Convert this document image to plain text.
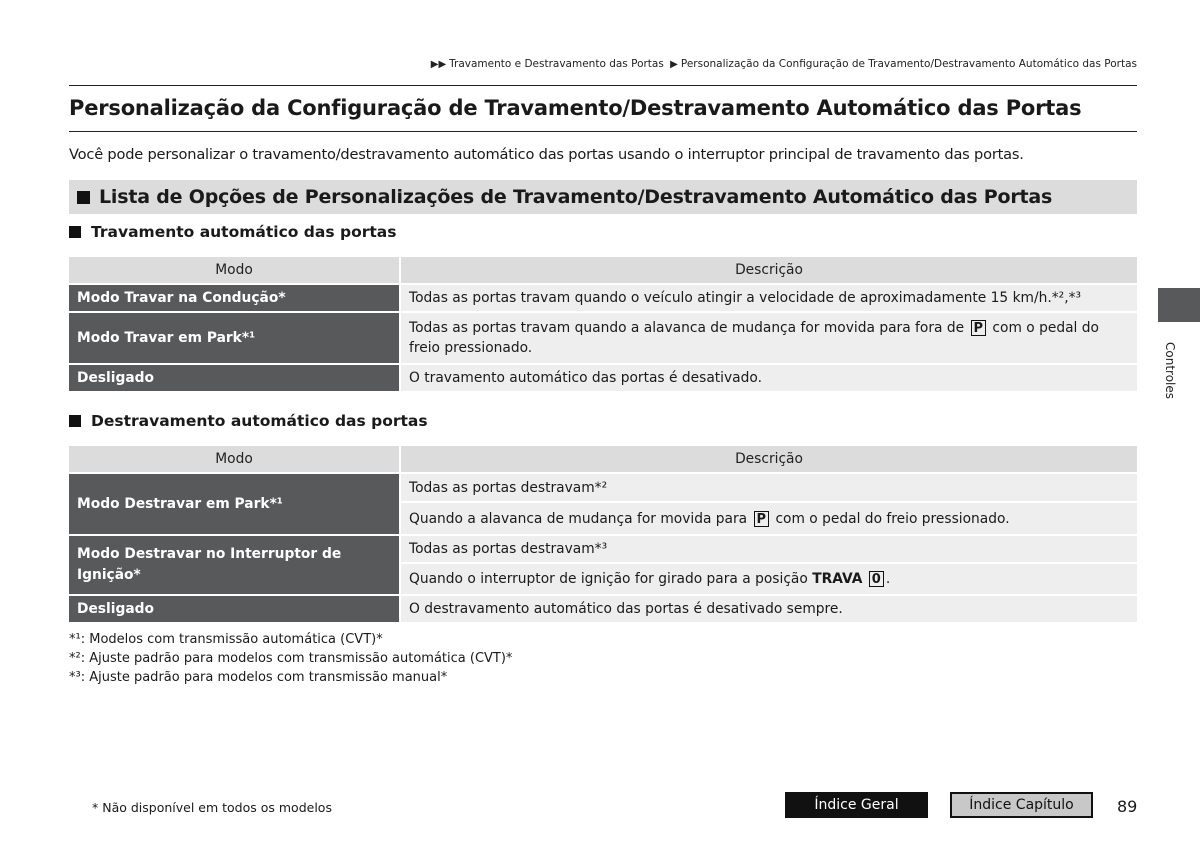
▶▶ Travamento e Destravamento das Portas ▶ Personalização da Configuração de Travamento/Destravamento Automático das Portas
Personalização da Configuração de Travamento/Destravamento Automático das Portas
Você pode personalizar o travamento/destravamento automático das portas usando o interruptor principal de travamento das portas.
Lista de Opções de Personalizações de Travamento/Destravamento Automático das Portas
Travamento automático das portas
Modo	Descrição
Modo Travar na Condução*	Todas as portas travam quando o veículo atingir a velocidade de aproximadamente 15 km/h.*²,*³
Modo Travar em Park*¹	Todas as portas travam quando a alavanca de mudança for movida para fora de P com o pedal do freio pressionado.
Desligado	O travamento automático das portas é desativado.
Destravamento automático das portas
Modo	Descrição
Modo Destravar em Park*¹	Todas as portas destravam*²
	Quando a alavanca de mudança for movida para P com o pedal do freio pressionado.
Modo Destravar no Interruptor de Ignição*	Todas as portas destravam*³
	Quando o interruptor de ignição for girado para a posição TRAVA 0 .
Desligado	O destravamento automático das portas é desativado sempre.
*¹: Modelos com transmissão automática (CVT)*
*²: Ajuste padrão para modelos com transmissão automática (CVT)*
*³: Ajuste padrão para modelos com transmissão manual*
Controles
* Não disponível em todos os modelos	Índice Geral	Índice Capítulo	89
